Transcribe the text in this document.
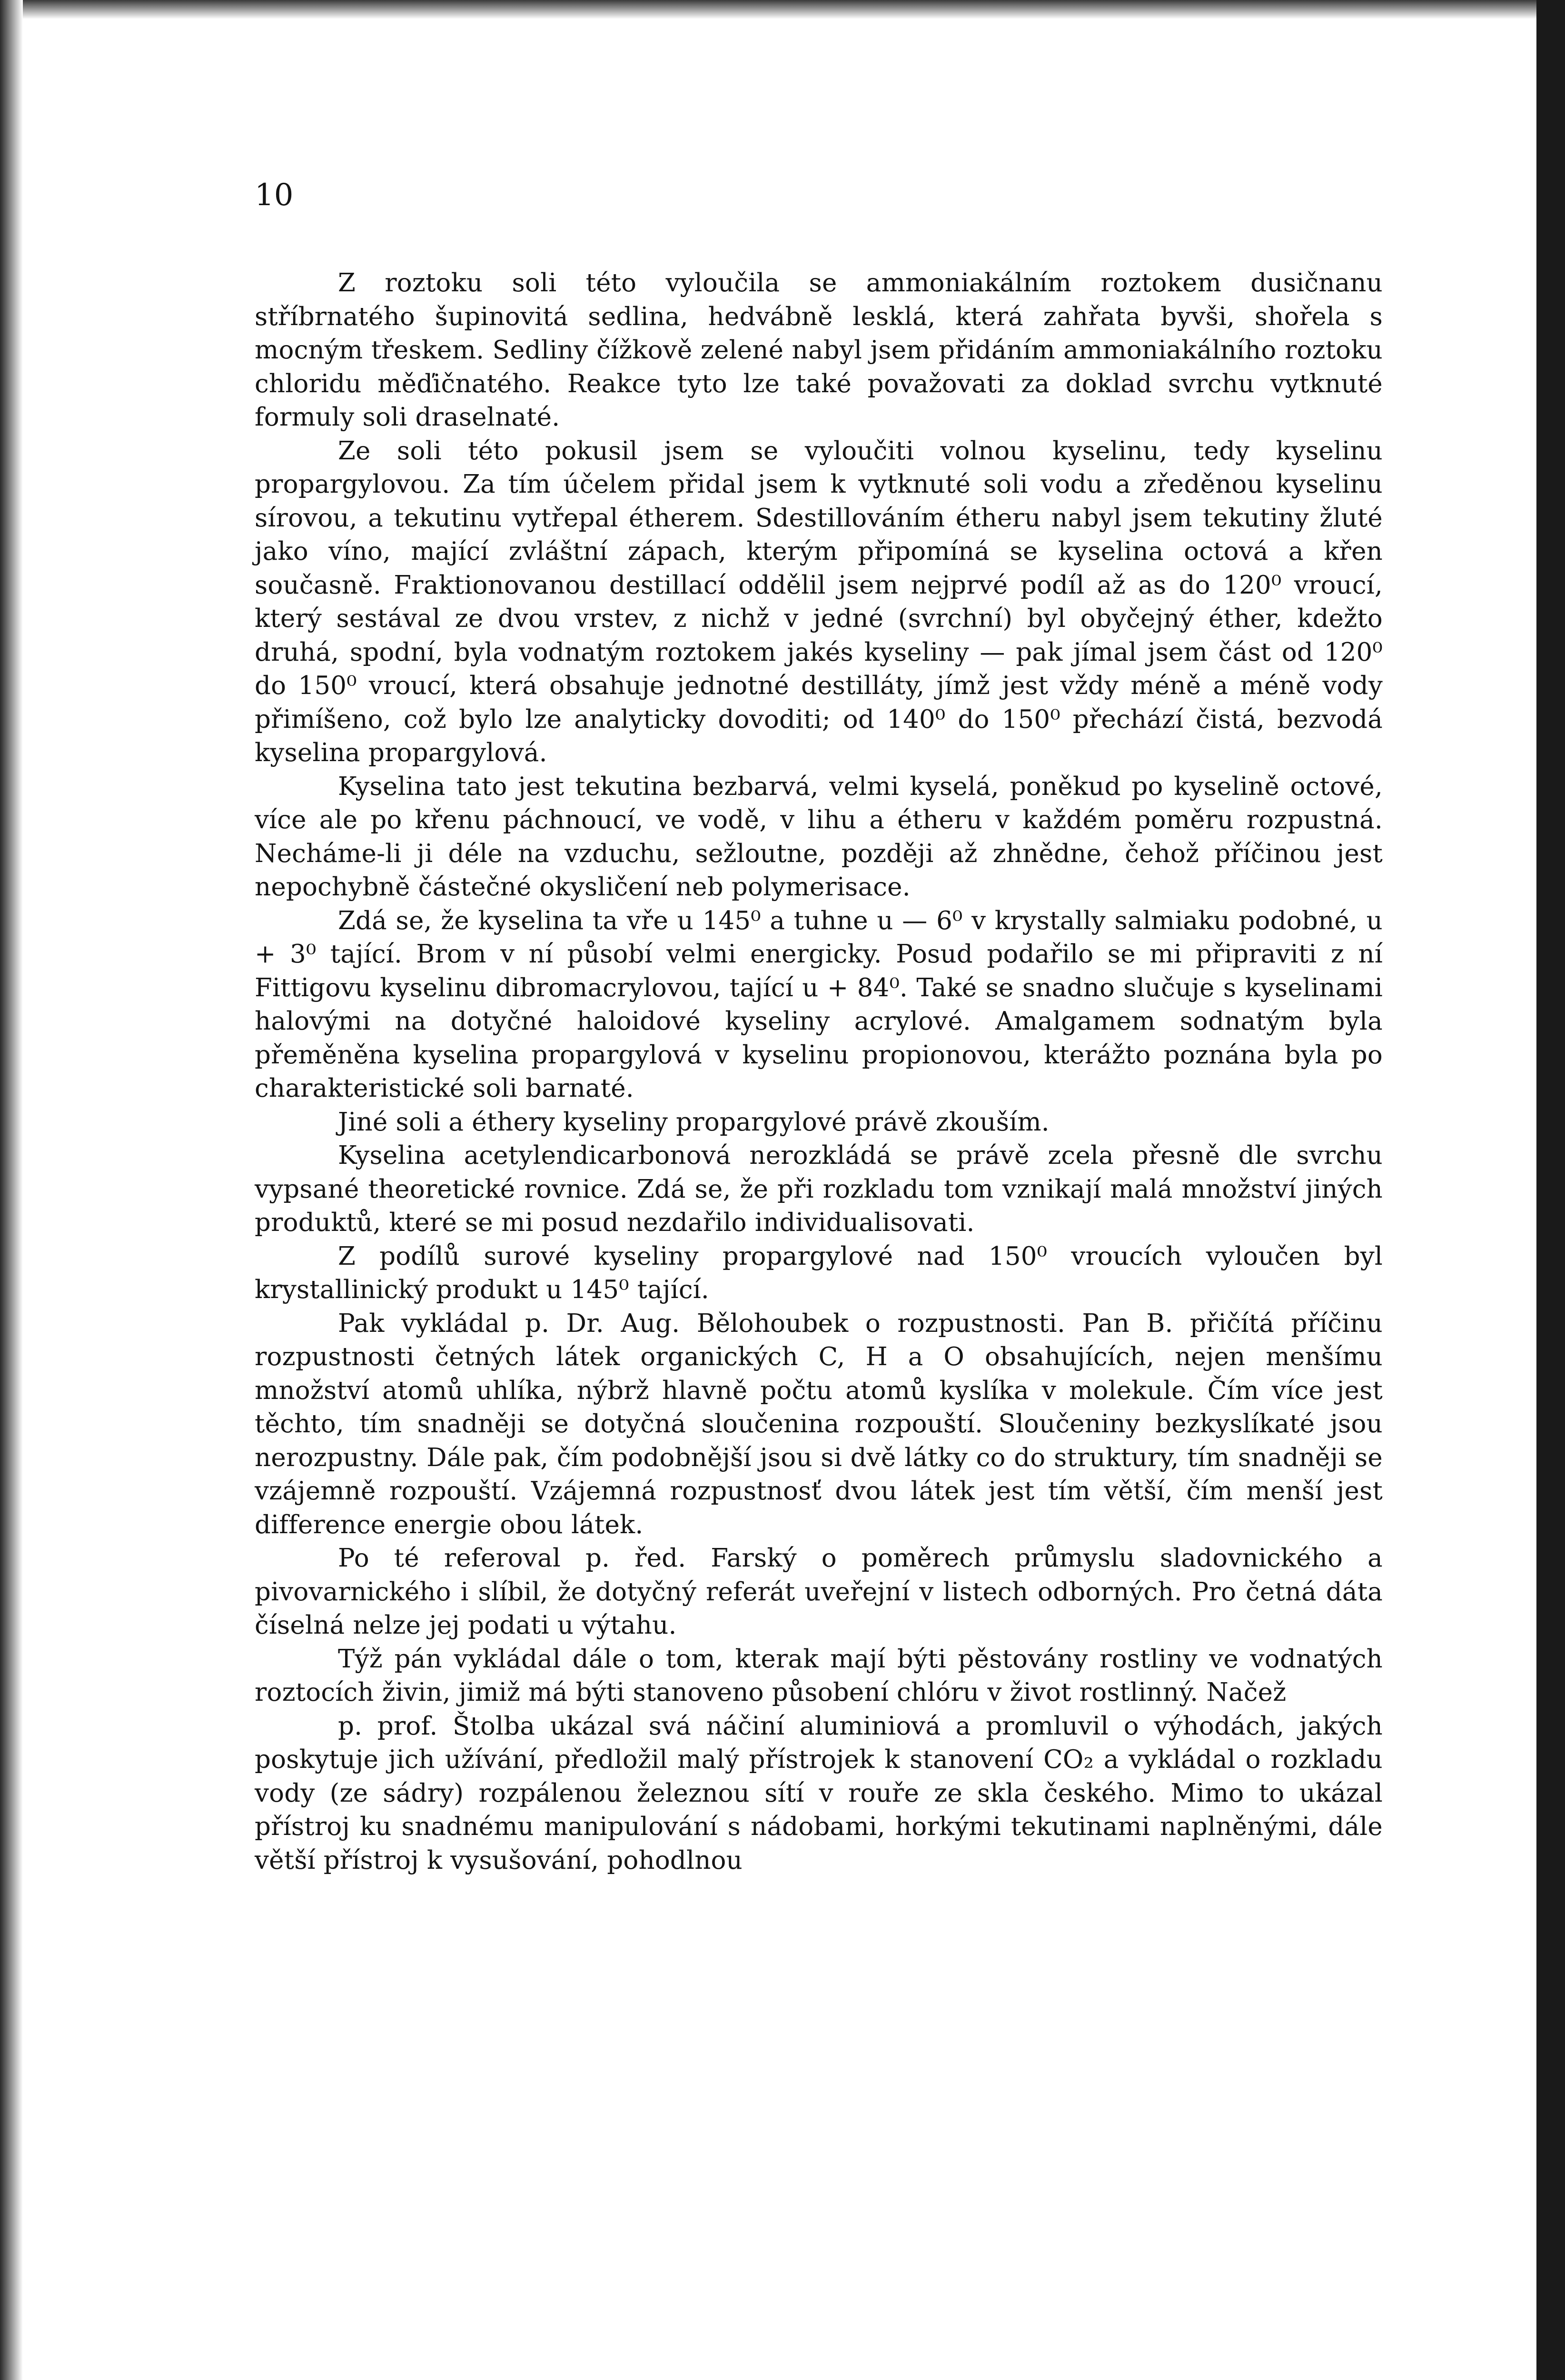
10

Z roztoku soli této vyloučila se ammoniakálním roztokem dusičnanu stříbrnatého šupinovitá sedlina, hedvábně lesklá, která zahřata byvši, shořela s mocným třeskem. Sedliny čížkově zelené nabyl jsem přidáním ammoniakálního roztoku chloridu měďičnatého. Reakce tyto lze také považovati za doklad svrchu vytknuté formuly soli draselnaté.

Ze soli této pokusil jsem se vyloučiti volnou kyselinu, tedy kyselinu propargylovou. Za tím účelem přidal jsem k vytknuté soli vodu a zředěnou kyselinu sírovou, a tekutinu vytřepal étherem. Sdestillováním étheru nabyl jsem tekutiny žluté jako víno, mající zvláštní zápach, kterým připomíná se kyselina octová a křen současně. Fraktionovanou destillací oddělil jsem nejprvé podíl až as do 120⁰ vroucí, který sestával ze dvou vrstev, z nichž v jedné (svrchní) byl obyčejný éther, kdežto druhá, spodní, byla vodnatým roztokem jakés kyseliny — pak jímal jsem část od 120⁰ do 150⁰ vroucí, která obsahuje jednotné destilláty, jímž jest vždy méně a méně vody přimíšeno, což bylo lze analyticky dovoditi; od 140⁰ do 150⁰ přechází čistá, bezvodá kyselina propargylová.

Kyselina tato jest tekutina bezbarvá, velmi kyselá, poněkud po kyselině octové, více ale po křenu páchnoucí, ve vodě, v lihu a étheru v každém poměru rozpustná. Necháme-li ji déle na vzduchu, sežloutne, později až zhnědne, čehož příčinou jest nepochybně částečné okysličení neb polymerisace.

Zdá se, že kyselina ta vře u 145⁰ a tuhne u — 6⁰ v krystally salmiaku podobné, u + 3⁰ tající. Brom v ní působí velmi energicky. Posud podařilo se mi připraviti z ní Fittigovu kyselinu dibromacrylovou, tající u + 84⁰. Také se snadno slučuje s kyselinami halovými na dotyčné haloidové kyseliny acrylové. Amalgamem sodnatým byla přeměněna kyselina propargylová v kyselinu propionovou, kterážto poznána byla po charakteristické soli barnaté.

Jiné soli a éthery kyseliny propargylové právě zkouším.

Kyselina acetylendicarbonová nerozkládá se právě zcela přesně dle svrchu vypsané theoretické rovnice. Zdá se, že při rozkladu tom vznikají malá množství jiných produktů, které se mi posud nezdařilo individualisovati.

Z podílů surové kyseliny propargylové nad 150⁰ vroucích vyloučen byl krystallinický produkt u 145⁰ tající.

Pak vykládal p. Dr. Aug. Bělohoubek o rozpustnosti. Pan B. přičítá příčinu rozpustnosti četných látek organických C, H a O obsahujících, nejen menšímu množství atomů uhlíka, nýbrž hlavně počtu atomů kyslíka v molekule. Čím více jest těchto, tím snadněji se dotyčná sloučenina rozpouští. Sloučeniny bezkyslíkaté jsou nerozpustny. Dále pak, čím podobnější jsou si dvě látky co do struktury, tím snadněji se vzájemně rozpouští. Vzájemná rozpustnosť dvou látek jest tím větší, čím menší jest difference energie obou látek.

Po té referoval p. řed. Farský o poměrech průmyslu sladovnického a pivovarnického i slíbil, že dotyčný referát uveřejní v listech odborných. Pro četná dáta číselná nelze jej podati u výtahu.

Týž pán vykládal dále o tom, kterak mají býti pěstovány rostliny ve vodnatých roztocích živin, jimiž má býti stanoveno působení chlóru v život rostlinný. Načež

p. prof. Štolba ukázal svá náčiní aluminiová a promluvil o výhodách, jakých poskytuje jich užívání, předložil malý přístrojek k stanovení CO₂ a vykládal o rozkladu vody (ze sádry) rozpálenou železnou sítí v rouře ze skla českého. Mimo to ukázal přístroj ku snadnému manipulování s nádobami, horkými tekutinami naplněnými, dále větší přístroj k vysušování, pohodlnou
